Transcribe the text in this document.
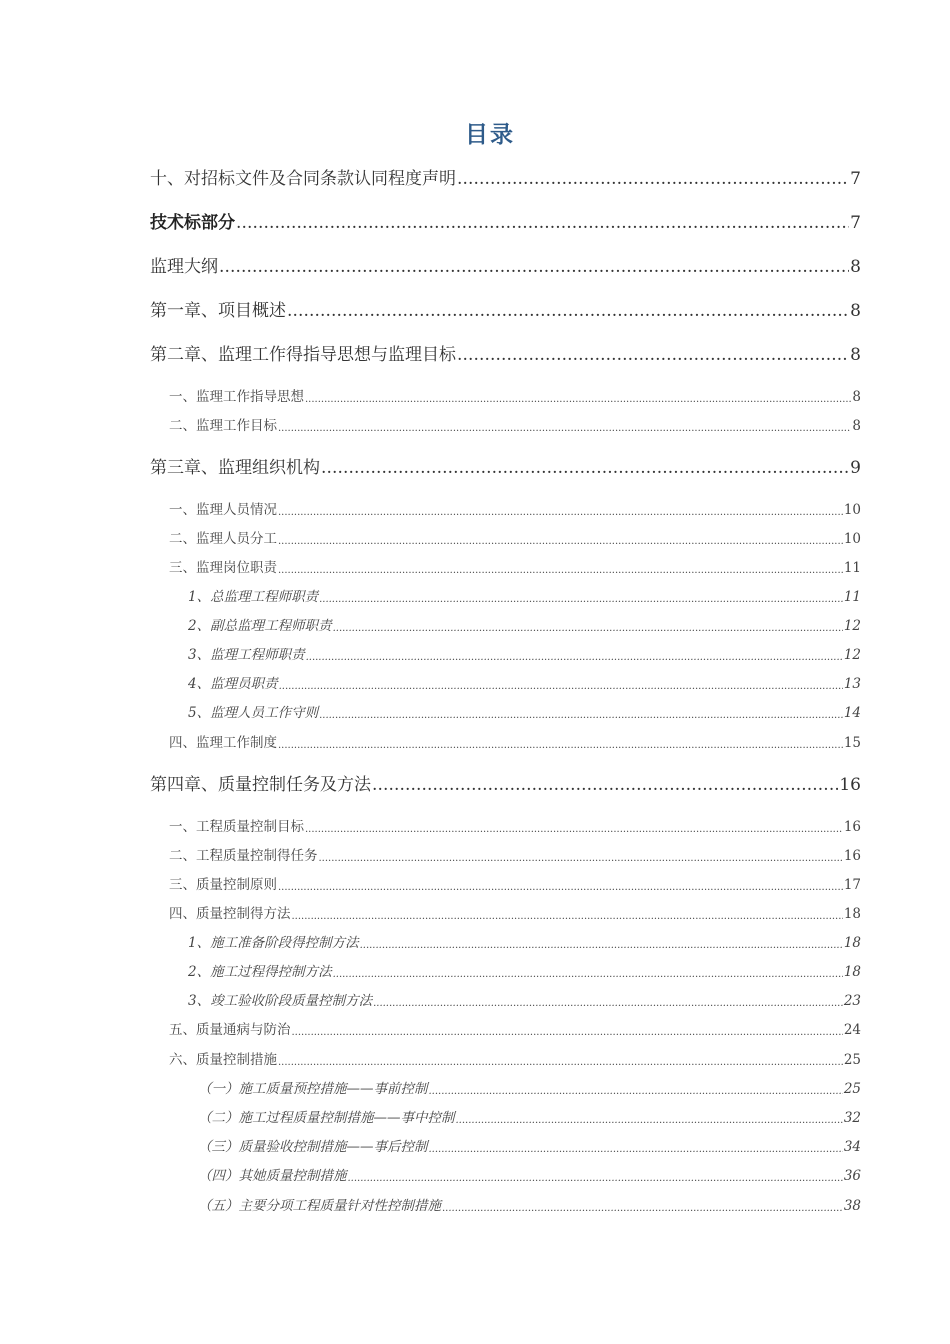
目录
十、对招标文件及合同条款认同程度声明 .....	7
技术标部分 .....	7
监理大纲 .....	8
第一章、项目概述 .....	8
第二章、监理工作得指导思想与监理目标 .....	8
一、监理工作指导思想 .....	8
二、监理工作目标 .....	8
第三章、监理组织机构 .....	9
一、监理人员情况 .....	10
二、监理人员分工 .....	10
三、监理岗位职责 .....	11
1、总监理工程师职责 .....	11
2、副总监理工程师职责 .....	12
3、监理工程师职责 .....	12
4、监理员职责 .....	13
5、监理人员工作守则 .....	14
四、监理工作制度 .....	15
第四章、质量控制任务及方法 .....	16
一、工程质量控制目标 .....	16
二、工程质量控制得任务 .....	16
三、质量控制原则 .....	17
四、质量控制得方法 .....	18
1、施工准备阶段得控制方法 .....	18
2、施工过程得控制方法 .....	18
3、竣工验收阶段质量控制方法 .....	23
五、质量通病与防治 .....	24
六、质量控制措施 .....	25
（一）施工质量预控措施——事前控制 .....	25
（二）施工过程质量控制措施——事中控制 .....	32
（三）质量验收控制措施——事后控制 .....	34
（四）其她质量控制措施 .....	36
（五）主要分项工程质量针对性控制措施 .....	38
